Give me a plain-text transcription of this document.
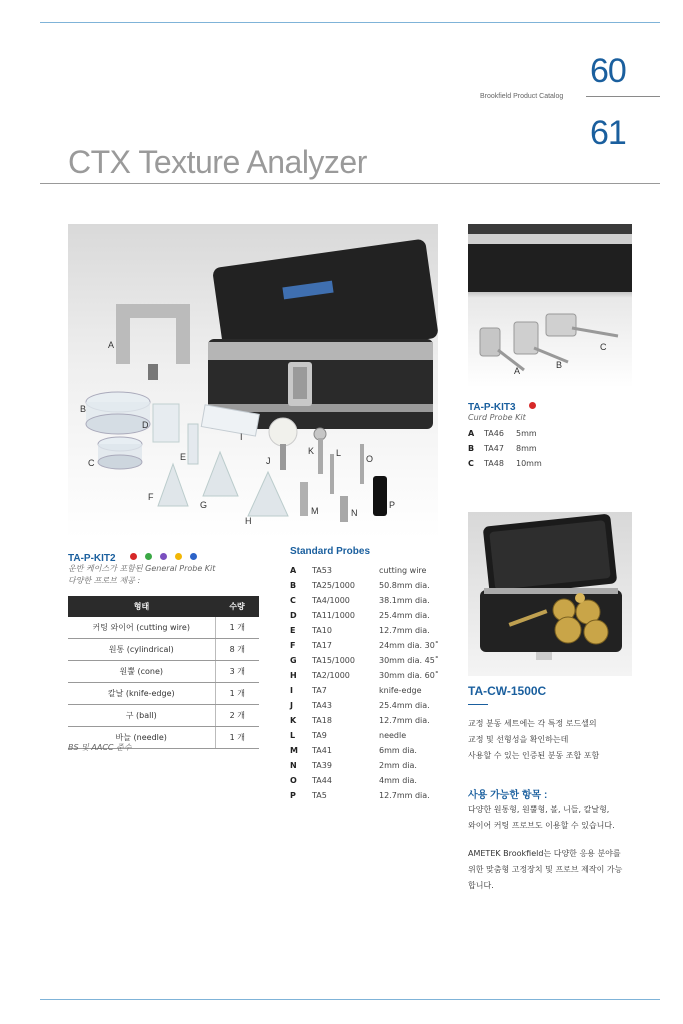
60
Brookfield Product Catalog
61
CTX Texture Analyzer
A
B
C
D
E
F
G
H
I
J
K L
M	N
O
P
TA-P-KIT2
운반 케이스가 포함된 General Probe Kit
다양한 프로브 제공 :
형태	수량
커팅 와이어 (cutting wire)	1 개
원통 (cylindrical)	8 개
원뿔 (cone)	3 개
칼날 (knife-edge)	1 개
구 (ball)	2 개
바늘 (needle)	1 개
BS 및 AACC 준수
Standard Probes
A TA53	cutting wire
B TA25/1000	50.8mm dia.
C TA4/1000	38.1mm dia.
D TA11/1000	25.4mm dia.
E TA10	12.7mm dia.
F TA17	24mm dia. 30˚
G TA15/1000	30mm dia. 45˚
H TA2/1000	30mm dia. 60˚
I TA7	knife-edge
J TA43	25.4mm dia.
K TA18	12.7mm dia.
L TA9	needle
M TA41	6mm dia.
N TA39	2mm dia.
O TA44	4mm dia.
P TA5	12.7mm dia.
A
B
C
TA-P-KIT3
Curd Probe Kit
A TA46 5mm
B TA47 8mm
C TA48 10mm
TA-CW-1500C
교정 분동 세트에는 각 특정 로드셀의
교정 및 선형성을 확인하는데
사용할 수 있는 인증된 분동 조합 포함
사용 가능한 항목 :
다양한 원통형, 원뿔형, 볼, 니들, 칼날형,
와이어 커팅 프로브도 이용할 수 있습니다.
AMETEK Brookfield는 다양한 응용 분야를
위한 맞춤형 고정장치 및 프로브 제작이 가능
합니다.
